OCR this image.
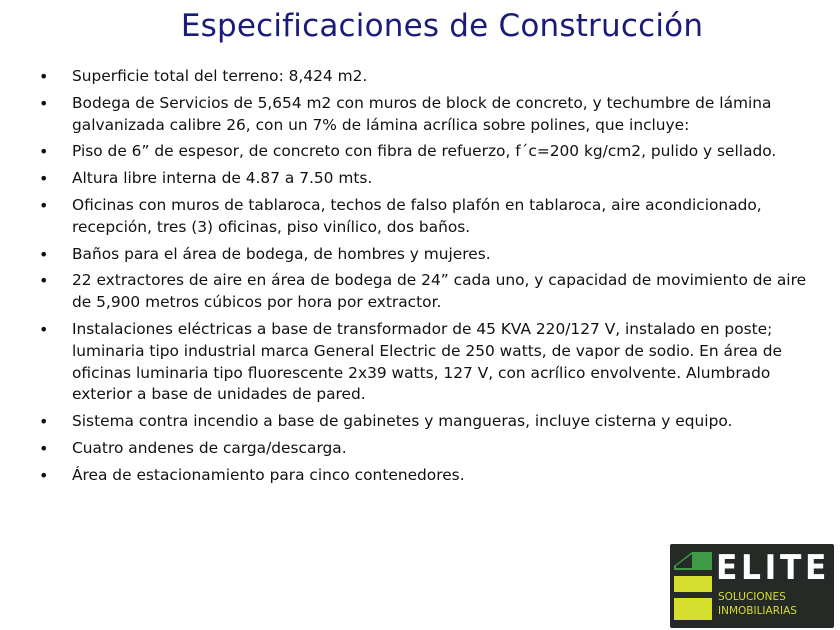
Especificaciones de Construcción
• Superficie total del terreno: 8,424 m2.
• Bodega de Servicios de 5,654 m2 con muros de block de concreto, y techumbre de lámina galvanizada calibre 26, con un 7% de lámina acrílica sobre polines, que incluye:
• Piso de 6” de espesor, de concreto con fibra de refuerzo, f´c=200 kg/cm2, pulido y sellado.
• Altura libre interna de 4.87 a 7.50 mts.
• Oficinas con muros de tablaroca, techos de falso plafón en tablaroca, aire acondicionado, recepción, tres (3) oficinas, piso vinílico, dos baños.
• Baños para el área de bodega, de hombres y mujeres.
• 22 extractores de aire en área de bodega de 24” cada uno, y capacidad de movimiento de aire de 5,900 metros cúbicos por hora por extractor.
• Instalaciones eléctricas a base de transformador de 45 KVA 220/127 V, instalado en poste; luminaria tipo industrial marca General Electric de 250 watts, de vapor de sodio. En área de oficinas luminaria tipo fluorescente 2x39 watts, 127 V, con acrílico envolvente. Alumbrado exterior a base de unidades de pared.
• Sistema contra incendio a base de gabinetes y mangueras, incluye cisterna y equipo.
• Cuatro andenes de carga/descarga.
• Área de estacionamiento para cinco contenedores.
ELITE
SOLUCIONES
INMOBILIARIAS
